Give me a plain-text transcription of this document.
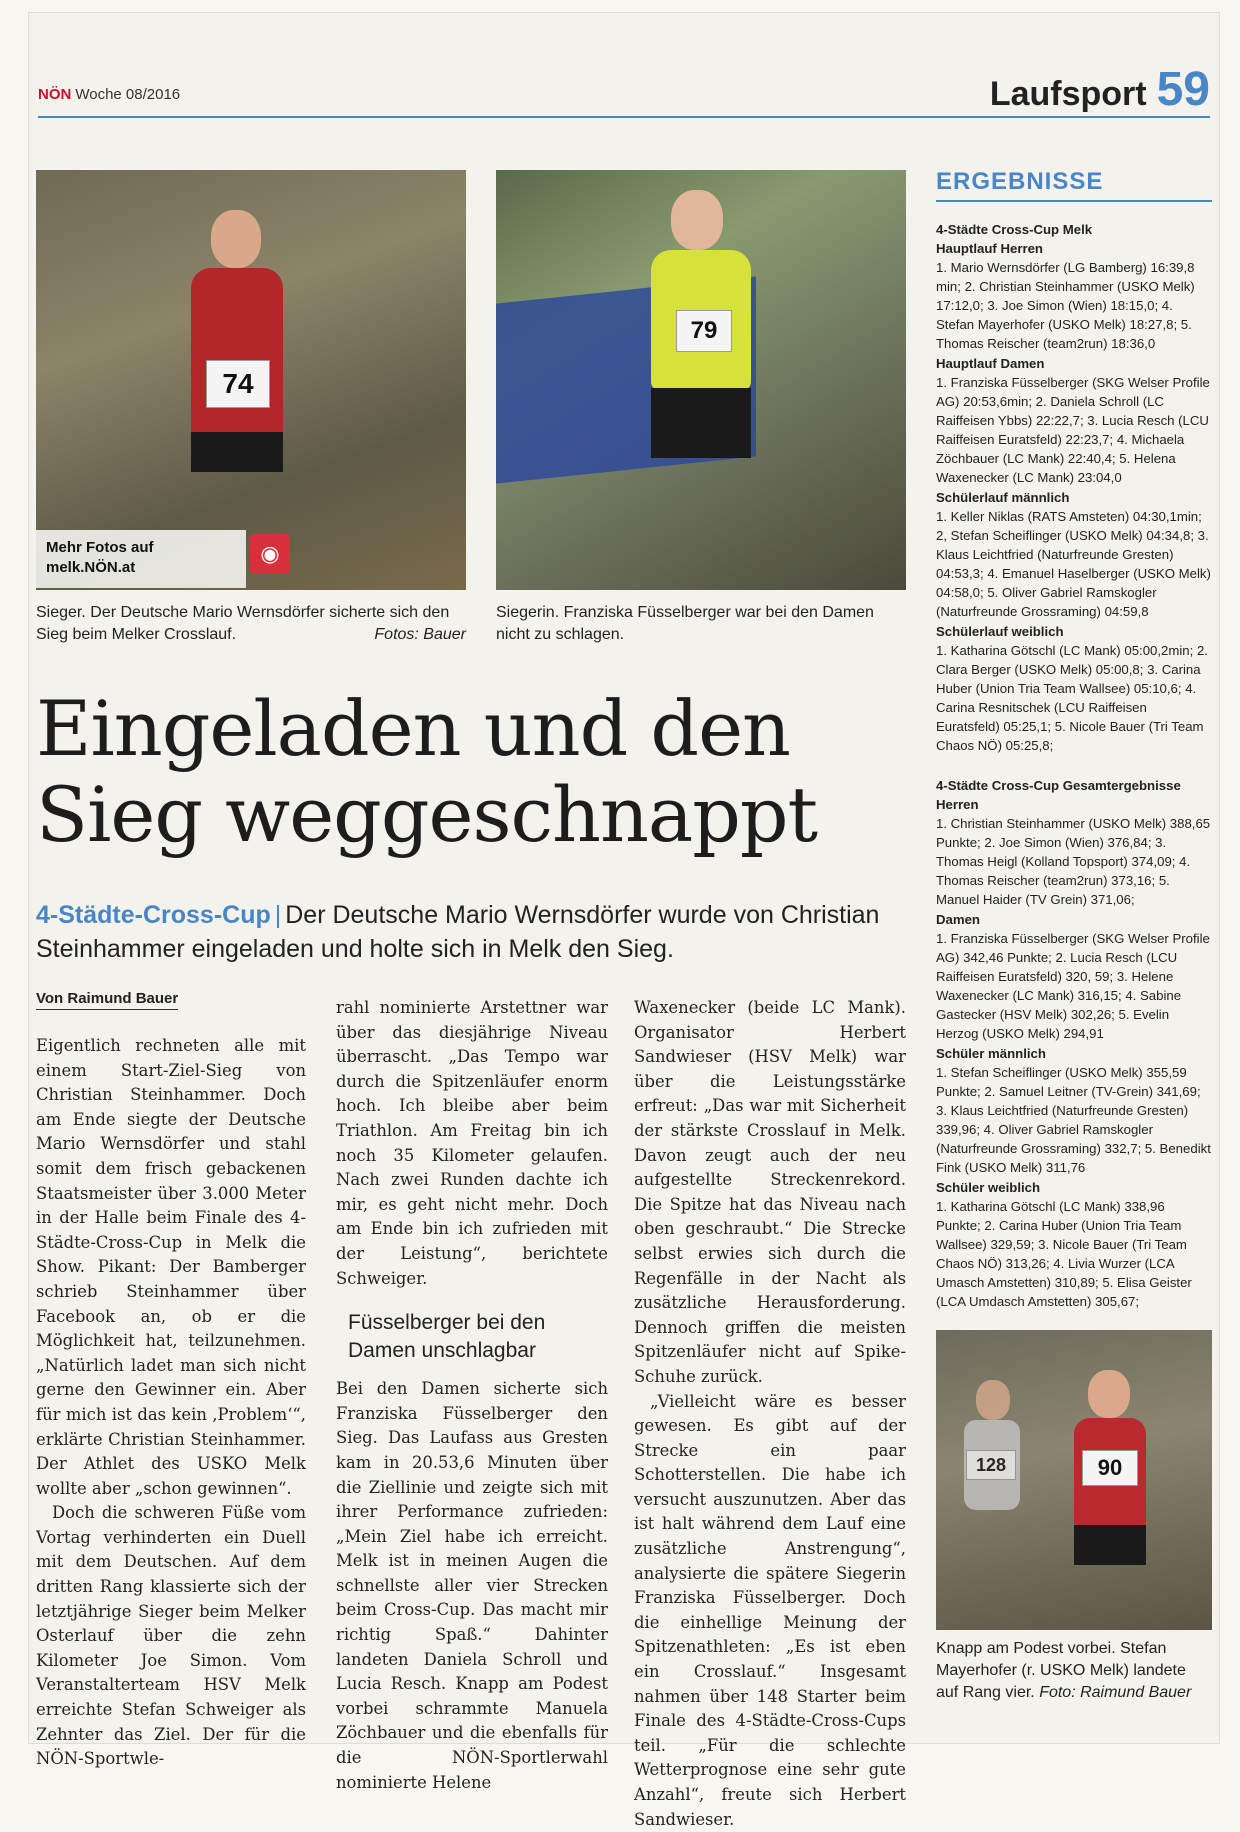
NÖN Woche 08/2016	Laufsport 59
74
Mehr Fotos auf melk.NÖN.at
◉
79
Sieger. Der Deutsche Mario Wernsdörfer sicherte sich den Sieg beim Melker Crosslauf.	Fotos: Bauer
Siegerin. Franziska Füsselberger war bei den Damen nicht zu schlagen.
Eingeladen und den
Sieg weggeschnappt
4-Städte-Cross-Cup | Der Deutsche Mario Wernsdörfer wurde von Christian Steinhammer eingeladen und holte sich in Melk den Sieg.
Von Raimund Bauer

Eigentlich rechneten alle mit einem Start-Ziel-Sieg von Christian Steinhammer. Doch am Ende siegte der Deutsche Mario Wernsdörfer und stahl somit dem frisch gebackenen Staatsmeister über 3.000 Meter in der Halle beim Finale des 4-Städte-Cross-Cup in Melk die Show. Pikant: Der Bamberger schrieb Steinhammer über Facebook an, ob er die Möglichkeit hat, teilzunehmen. „Natürlich ladet man sich nicht gerne den Gewinner ein. Aber für mich ist das kein ‚Problem‘“, erklärte Christian Steinhammer. Der Athlet des USKO Melk wollte aber „schon gewinnen“.

Doch die schweren Füße vom Vortag verhinderten ein Duell mit dem Deutschen. Auf dem dritten Rang klassierte sich der letztjährige Sieger beim Melker Osterlauf über die zehn Kilometer Joe Simon. Vom Veranstalterteam HSV Melk erreichte Stefan Schweiger als Zehnter das Ziel. Der für die NÖN-Sportwle-

rahl nominierte Arstettner war über das diesjährige Niveau überrascht. „Das Tempo war durch die Spitzenläufer enorm hoch. Ich bleibe aber beim Triathlon. Am Freitag bin ich noch 35 Kilometer gelaufen. Nach zwei Runden dachte ich mir, es geht nicht mehr. Doch am Ende bin ich zufrieden mit der Leistung“, berichtete Schweiger.

Füsselberger bei den Damen unschlagbar

Bei den Damen sicherte sich Franziska Füsselberger den Sieg. Das Laufass aus Gresten kam in 20.53,6 Minuten über die Ziellinie und zeigte sich mit ihrer Performance zufrieden: „Mein Ziel habe ich erreicht. Melk ist in meinen Augen die schnellste aller vier Strecken beim Cross-Cup. Das macht mir richtig Spaß.“ Dahinter landeten Daniela Schroll und Lucia Resch. Knapp am Podest vorbei schrammte Manuela Zöchbauer und die ebenfalls für die NÖN-Sportlerwahl nominierte Helene

Waxenecker (beide LC Mank). Organisator Herbert Sandwieser (HSV Melk) war über die Leistungsstärke erfreut: „Das war mit Sicherheit der stärkste Crosslauf in Melk. Davon zeugt auch der neu aufgestellte Streckenrekord. Die Spitze hat das Niveau nach oben geschraubt.“ Die Strecke selbst erwies sich durch die Regenfälle in der Nacht als zusätzliche Herausforderung. Dennoch griffen die meisten Spitzenläufer nicht auf Spike-Schuhe zurück.

„Vielleicht wäre es besser gewesen. Es gibt auf der Strecke ein paar Schotterstellen. Die habe ich versucht auszunutzen. Aber das ist halt während dem Lauf eine zusätzliche Anstrengung“, analysierte die spätere Siegerin Franziska Füsselberger. Doch die einhellige Meinung der Spitzenathleten: „Es ist eben ein Crosslauf.“ Insgesamt nahmen über 148 Starter beim Finale des 4-Städte-Cross-Cups teil. „Für die schlechte Wetterprognose eine sehr gute Anzahl“, freute sich Herbert Sandwieser.

ERGEBNISSE
4-Städte Cross-Cup Melk
Hauptlauf Herren
1. Mario Wernsdörfer (LG Bamberg) 16:39,8 min; 2. Christian Steinhammer (USKO Melk) 17:12,0; 3. Joe Simon (Wien) 18:15,0; 4. Stefan Mayerhofer (USKO Melk) 18:27,8; 5. Thomas Reischer (team2run) 18:36,0
Hauptlauf Damen
1. Franziska Füsselberger (SKG Welser Profile AG) 20:53,6min; 2. Daniela Schroll (LC Raiffeisen Ybbs) 22:22,7; 3. Lucia Resch (LCU Raiffeisen Euratsfeld) 22:23,7; 4. Michaela Zöchbauer (LC Mank) 22:40,4; 5. Helena Waxenecker (LC Mank) 23:04,0
Schülerlauf männlich
1. Keller Niklas (RATS Amsteten) 04:30,1min; 2, Stefan Scheiflinger (USKO Melk) 04:34,8; 3. Klaus Leichtfried (Naturfreunde Gresten) 04:53,3; 4. Emanuel Haselberger (USKO Melk) 04:58,0; 5. Oliver Gabriel Ramskogler (Naturfreunde Grossraming) 04:59,8
Schülerlauf weiblich
1. Katharina Götschl (LC Mank) 05:00,2min; 2. Clara Berger (USKO Melk) 05:00,8; 3. Carina Huber (Union Tria Team Wallsee) 05:10,6; 4. Carina Resnitschek (LCU Raiffeisen Euratsfeld) 05:25,1; 5. Nicole Bauer (Tri Team Chaos NÖ) 05:25,8;
4-Städte Cross-Cup Gesamtergebnisse
Herren
1. Christian Steinhammer (USKO Melk) 388,65 Punkte; 2. Joe Simon (Wien) 376,84; 3. Thomas Heigl (Kolland Topsport) 374,09; 4. Thomas Reischer (team2run) 373,16; 5. Manuel Haider (TV Grein) 371,06;
Damen
1. Franziska Füsselberger (SKG Welser Profile AG) 342,46 Punkte; 2. Lucia Resch (LCU Raiffeisen Euratsfeld) 320, 59; 3. Helene Waxenecker (LC Mank) 316,15; 4. Sabine Gastecker (HSV Melk) 302,26; 5. Evelin Herzog (USKO Melk) 294,91
Schüler männlich
1. Stefan Scheiflinger (USKO Melk) 355,59 Punkte; 2. Samuel Leitner (TV-Grein) 341,69; 3. Klaus Leichtfried (Naturfreunde Gresten) 339,96; 4. Oliver Gabriel Ramskogler (Naturfreunde Grossraming) 332,7; 5. Benedikt Fink (USKO Melk) 311,76
Schüler weiblich
1. Katharina Götschl (LC Mank) 338,96 Punkte; 2. Carina Huber (Union Tria Team Wallsee) 329,59; 3. Nicole Bauer (Tri Team Chaos NÖ) 313,26; 4. Livia Wurzer (LCA Umasch Amstetten) 310,89; 5. Elisa Geister (LCA Umdasch Amstetten) 305,67;
128	90
Knapp am Podest vorbei. Stefan Mayerhofer (r. USKO Melk) landete auf Rang vier. Foto: Raimund Bauer
